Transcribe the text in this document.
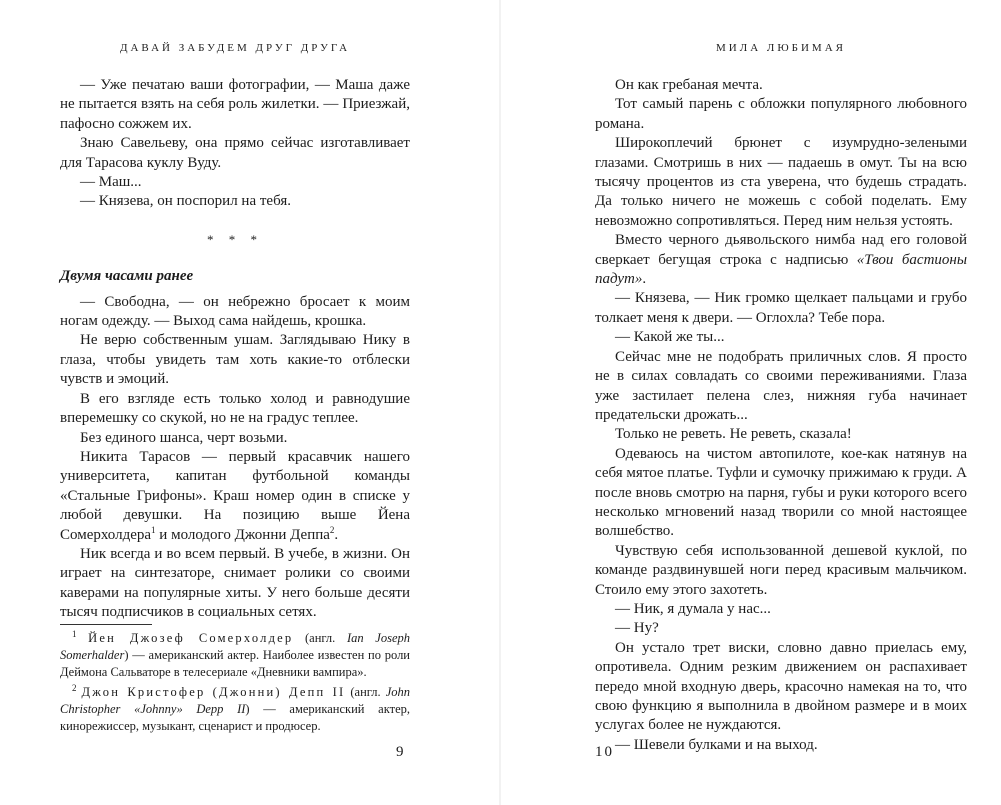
ДАВАЙ ЗАБУДЕМ ДРУГ ДРУГА

— Уже печатаю ваши фотографии, — Маша даже не пытается взять на себя роль жилетки. — Приезжай, пафосно сожжем их.

Знаю Савельеву, она прямо сейчас изготавливает для Тарасова куклу Вуду.

— Маш...

— Князева, он поспорил на тебя.

* * *

Двумя часами ранее

— Свободна, — он небрежно бросает к моим ногам одежду. — Выход сама найдешь, крошка.

Не верю собственным ушам. Заглядываю Нику в глаза, чтобы увидеть там хоть какие-то отблески чувств и эмоций.

В его взгляде есть только холод и равнодушие вперемешку со скукой, но не на градус теплее.

Без единого шанса, черт возьми.

Никита Тарасов — первый красавчик нашего университета, капитан футбольной команды «Стальные Грифоны». Краш номер один в списке у любой девушки. На позицию выше Йена Сомерхолдера$^1$ и молодого Джонни Деппа$^2$.

Ник всегда и во всем первый. В учебе, в жизни. Он играет на синтезаторе, снимает ролики со своими каверами на популярные хиты. У него больше десяти тысяч подписчиков в социальных сетях.

$^1$ Йен Джозеф Сомерхолдер (англ. Ian Joseph Somerhalder) — американский актер. Наиболее известен по роли Деймона Сальваторе в телесериале «Дневники вампира».

$^2$ Джон Кристофер (Джонни) Депп II (англ. John Christopher «Johnny» Depp II) — американский актер, кинорежиссер, музыкант, сценарист и продюсер.

9
МИЛА ЛЮБИМАЯ

Он как гребаная мечта.

Тот самый парень с обложки популярного любовного романа.

Широкоплечий брюнет с изумрудно-зелеными глазами. Смотришь в них — падаешь в омут. Ты на всю тысячу процентов из ста уверена, что будешь страдать. Да только ничего не можешь с собой поделать. Ему невозможно сопротивляться. Перед ним нельзя устоять.

Вместо черного дьявольского нимба над его головой сверкает бегущая строка с надписью «Твои бастионы падут».

— Князева, — Ник громко щелкает пальцами и грубо толкает меня к двери. — Оглохла? Тебе пора.

— Какой же ты...

Сейчас мне не подобрать приличных слов. Я просто не в силах совладать со своими переживаниями. Глаза уже застилает пелена слез, нижняя губа начинает предательски дрожать...

Только не реветь. Не реветь, сказала!

Одеваюсь на чистом автопилоте, кое-как натянув на себя мятое платье. Туфли и сумочку прижимаю к груди. А после вновь смотрю на парня, губы и руки которого всего несколько мгновений назад творили со мной настоящее волшебство.

Чувствую себя использованной дешевой куклой, по команде раздвинувшей ноги перед красивым мальчиком. Стоило ему этого захотеть.

— Ник, я думала у нас...

— Ну?

Он устало трет виски, словно давно приелась ему, опротивела. Одним резким движением он распахивает передо мной входную дверь, красочно намекая на то, что свою функцию я выполнила в двойном размере и в моих услугах более не нуждаются.

— Шевели булками и на выход.

10
